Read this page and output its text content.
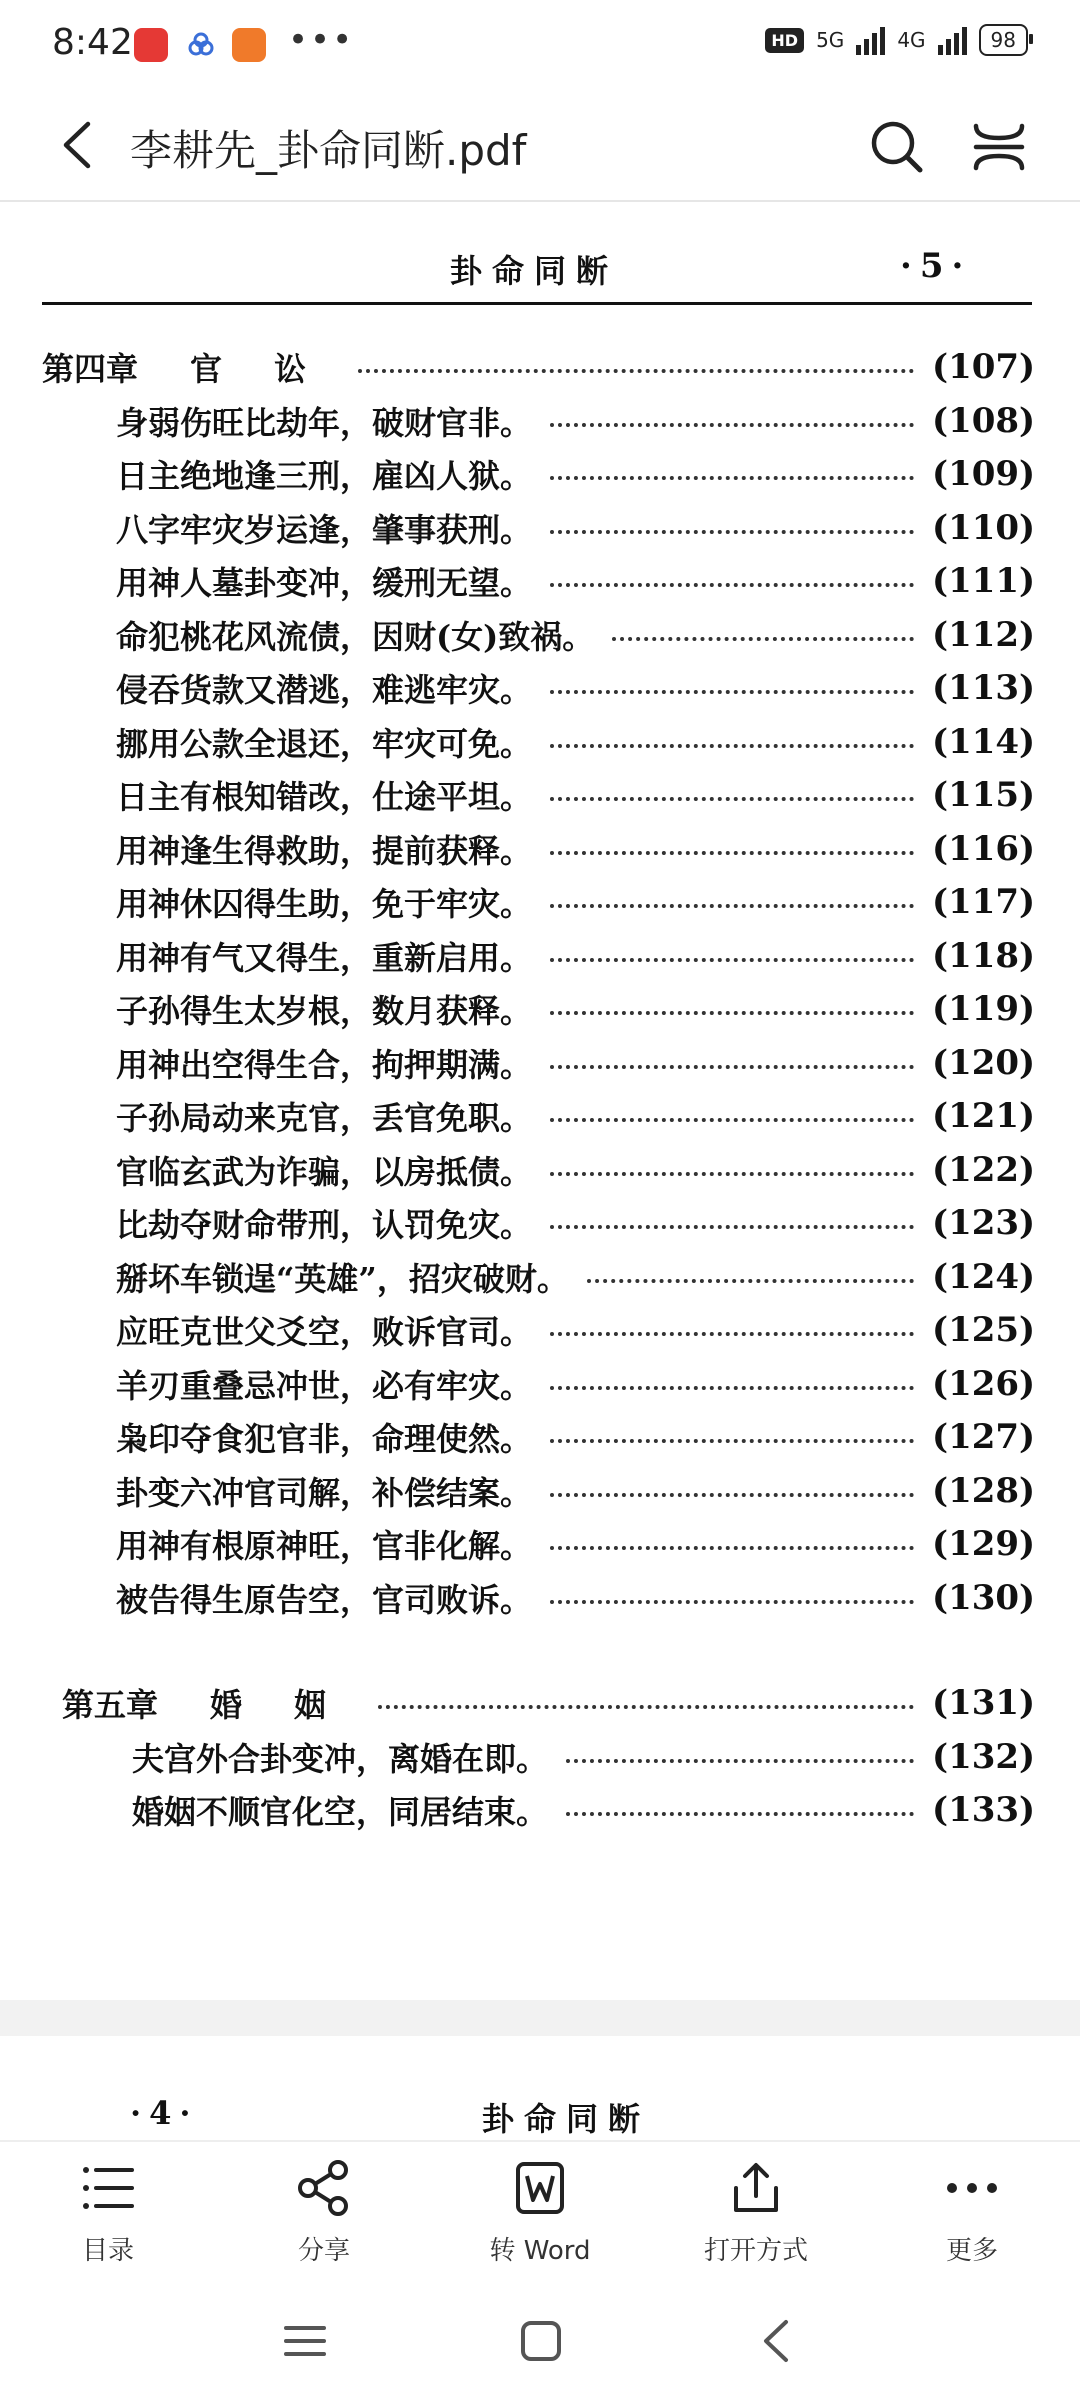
8:42	•••	HD 5G	4G	98
李耕先_卦命同断.pdf
卦命同断	·5·
第四章 官讼	(107)
身弱伤旺比劫年，破财官非。	(108)
日主绝地逢三刑，雇凶人狱。	(109)
八字牢灾岁运逢，肇事获刑。	(110)
用神人墓卦变冲，缓刑无望。	(111)
命犯桃花风流债，因财(女)致祸。	(112)
侵吞货款又潜逃，难逃牢灾。	(113)
挪用公款全退还，牢灾可免。	(114)
日主有根知错改，仕途平坦。	(115)
用神逢生得救助，提前获释。	(116)
用神休囚得生助，免于牢灾。	(117)
用神有气又得生，重新启用。	(118)
子孙得生太岁根，数月获释。	(119)
用神出空得生合，拘押期满。	(120)
子孙局动来克官，丢官免职。	(121)
官临玄武为诈骗，以房抵债。	(122)
比劫夺财命带刑，认罚免灾。	(123)
掰坏车锁逞“英雄”，招灾破财。	(124)
应旺克世父爻空，败诉官司。	(125)
羊刃重叠忌冲世，必有牢灾。	(126)
枭印夺食犯官非，命理使然。	(127)
卦变六冲官司解，补偿结案。	(128)
用神有根原神旺，官非化解。	(129)
被告得生原告空，官司败诉。	(130)
第五章 婚姻	(131)
夫宫外合卦变冲，离婚在即。	(132)
婚姻不顺官化空，同居结束。	(133)
·4·	卦命同断
目录	分享	转 Word	打开方式	更多
